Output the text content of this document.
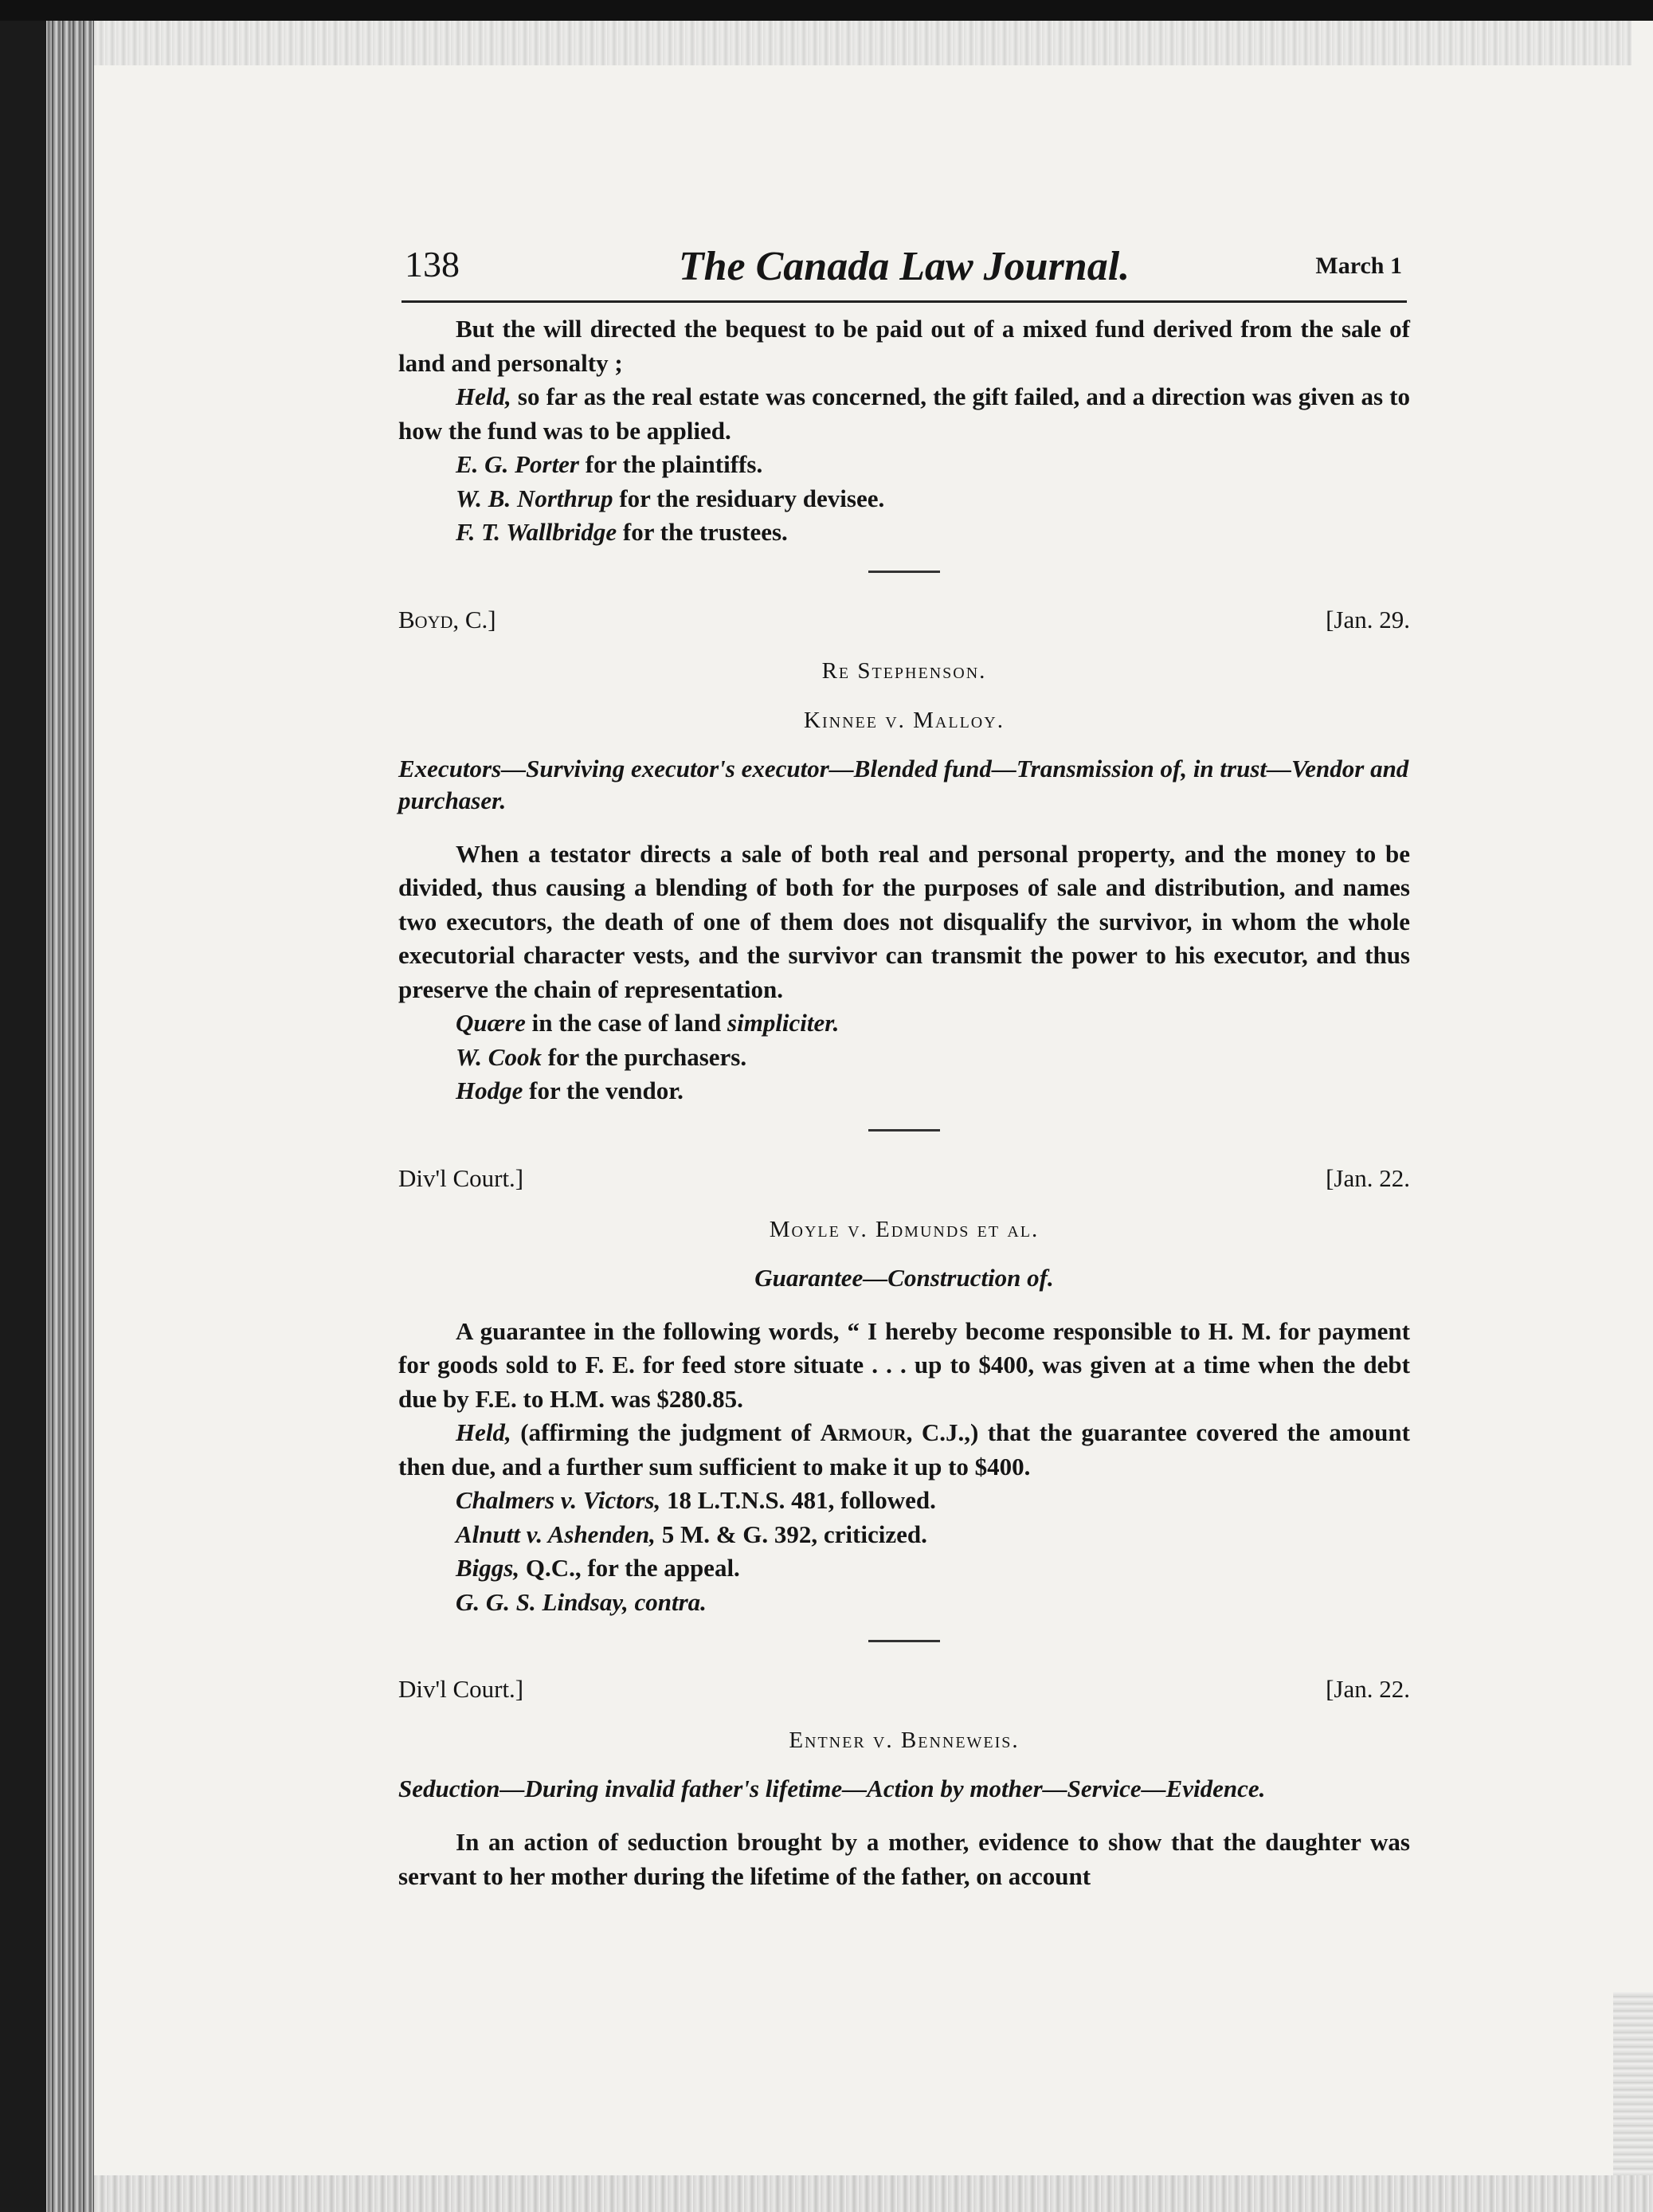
138	The Canada Law Journal.	March 1

But the will directed the bequest to be paid out of a mixed fund derived from the sale of land and personalty ;

Held, so far as the real estate was concerned, the gift failed, and a direction was given as to how the fund was to be applied.

E. G. Porter for the plaintiffs.

W. B. Northrup for the residuary devisee.

F. T. Wallbridge for the trustees.

Boyd, C.]	[Jan. 29.
Re Stephenson.
Kinnee v. Malloy.
Executors—Surviving executor's executor—Blended fund—Transmission of, in trust—Vendor and purchaser.

When a testator directs a sale of both real and personal property, and the money to be divided, thus causing a blending of both for the purposes of sale and distribution, and names two executors, the death of one of them does not disqualify the survivor, in whom the whole executorial character vests, and the survivor can transmit the power to his executor, and thus preserve the chain of representation.

Quære in the case of land simpliciter.

W. Cook for the purchasers.

Hodge for the vendor.

Div'l Court.]	[Jan. 22.
Moyle v. Edmunds et al.
Guarantee—Construction of.

A guarantee in the following words, “ I hereby become responsible to H. M. for payment for goods sold to F. E. for feed store situate . . . up to $400, was given at a time when the debt due by F.E. to H.M. was $280.85.

Held, (affirming the judgment of Armour, C.J.,) that the guarantee covered the amount then due, and a further sum sufficient to make it up to $400.

Chalmers v. Victors, 18 L.T.N.S. 481, followed.

Alnutt v. Ashenden, 5 M. & G. 392, criticized.

Biggs, Q.C., for the appeal.

G. G. S. Lindsay, contra.

Div'l Court.]	[Jan. 22.
Entner v. Benneweis.
Seduction—During invalid father's lifetime—Action by mother—Service—Evidence.

In an action of seduction brought by a mother, evidence to show that the daughter was servant to her mother during the lifetime of the father, on account
